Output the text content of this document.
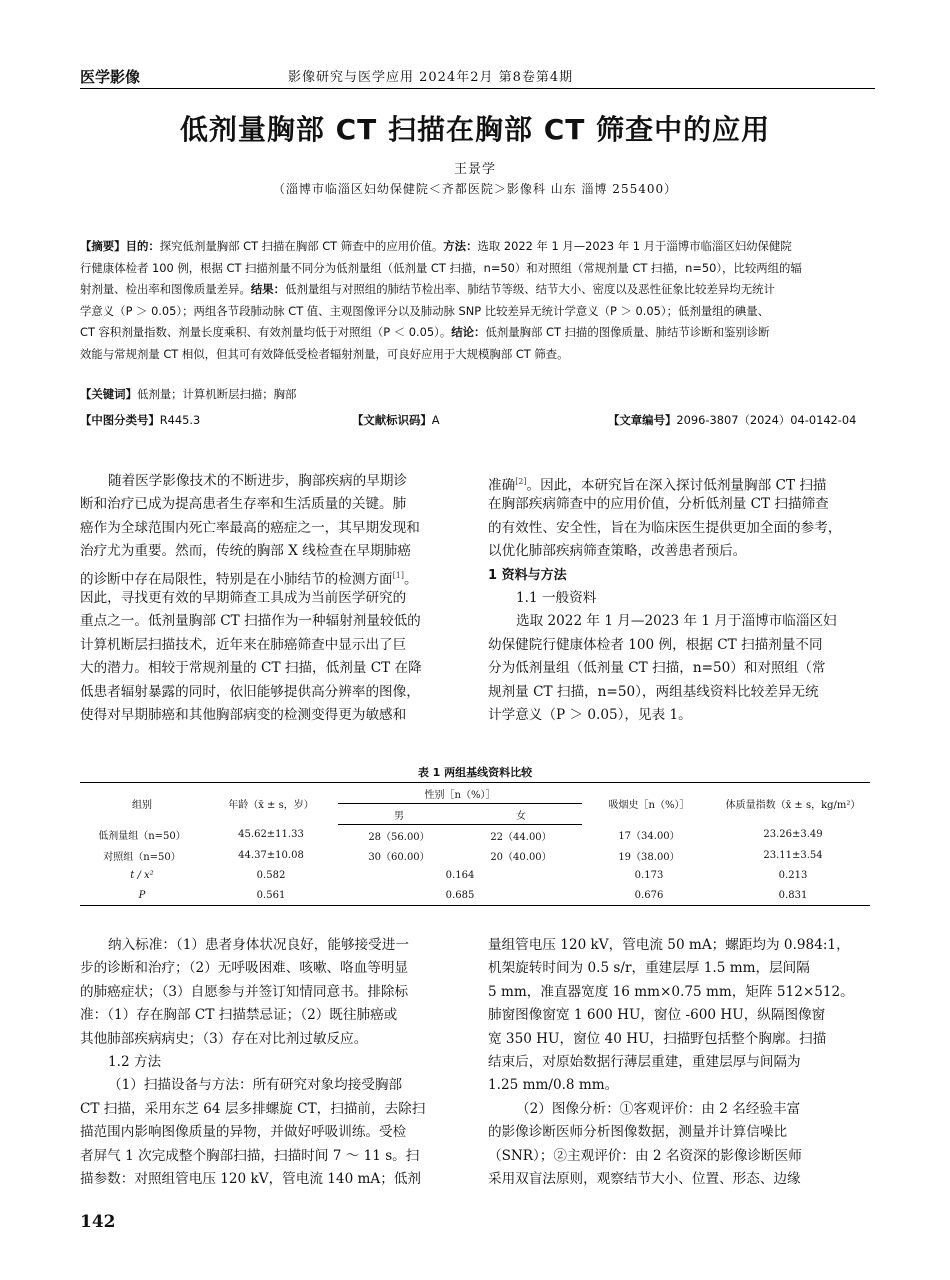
医学影像	影像研究与医学应用 2024年2月 第8卷第4期
低剂量胸部 CT 扫描在胸部 CT 筛查中的应用
王景学
（淄博市临淄区妇幼保健院＜齐都医院＞影像科 山东 淄博 255400）
【摘要】目的：探究低剂量胸部 CT 扫描在胸部 CT 筛查中的应用价值。方法：选取 2022 年 1 月—2023 年 1 月于淄博市临淄区妇幼保健院
行健康体检者 100 例，根据 CT 扫描剂量不同分为低剂量组（低剂量 CT 扫描，n=50）和对照组（常规剂量 CT 扫描，n=50），比较两组的辐
射剂量、检出率和图像质量差异。结果：低剂量组与对照组的肺结节检出率、肺结节等级、结节大小、密度以及恶性征象比较差异均无统计
学意义（P ＞ 0.05）；两组各节段肺动脉 CT 值、主观图像评分以及肺动脉 SNP 比较差异无统计学意义（P ＞ 0.05）；低剂量组的碘量、
CT 容积剂量指数、剂量长度乘积、有效剂量均低于对照组（P ＜ 0.05）。结论：低剂量胸部 CT 扫描的图像质量、肺结节诊断和鉴别诊断
效能与常规剂量 CT 相似，但其可有效降低受检者辐射剂量，可良好应用于大规模胸部 CT 筛查。
【关键词】低剂量；计算机断层扫描；胸部
【中图分类号】R445.3	【文献标识码】A	【文章编号】2096-3807（2024）04-0142-04
随着医学影像技术的不断进步，胸部疾病的早期诊
断和治疗已成为提高患者生存率和生活质量的关键。肺
癌作为全球范围内死亡率最高的癌症之一，其早期发现和
治疗尤为重要。然而，传统的胸部 X 线检查在早期肺癌
的诊断中存在局限性，特别是在小肺结节的检测方面[1]。
因此，寻找更有效的早期筛查工具成为当前医学研究的
重点之一。低剂量胸部 CT 扫描作为一种辐射剂量较低的
计算机断层扫描技术，近年来在肺癌筛查中显示出了巨
大的潜力。相较于常规剂量的 CT 扫描，低剂量 CT 在降
低患者辐射暴露的同时，依旧能够提供高分辨率的图像，
使得对早期肺癌和其他胸部病变的检测变得更为敏感和
准确[2]。因此，本研究旨在深入探讨低剂量胸部 CT 扫描
在胸部疾病筛查中的应用价值，分析低剂量 CT 扫描筛查
的有效性、安全性，旨在为临床医生提供更加全面的参考，
以优化肺部疾病筛查策略，改善患者预后。
1 资料与方法
1.1 一般资料
选取 2022 年 1 月—2023 年 1 月于淄博市临淄区妇
幼保健院行健康体检者 100 例，根据 CT 扫描剂量不同
分为低剂量组（低剂量 CT 扫描，n=50）和对照组（常
规剂量 CT 扫描，n=50），两组基线资料比较差异无统
计学意义（P ＞ 0.05），见表 1。
表 1 两组基线资料比较
组别	年龄（x̄ ± s，岁）	性别［n（%）］		吸烟史［n（%）］	体质量指数（x̄ ± s，kg/m²）
		男	女		
低剂量组（n=50）	45.62±11.33	28（56.00）	22（44.00）	17（34.00）	23.26±3.49
对照组（n=50）	44.37±10.08	30（60.00）	20（40.00）	19（38.00）	23.11±3.54
t / x²	0.582	0.164		0.173	0.213
P	0.561	0.685		0.676	0.831
纳入标准：（1）患者身体状况良好，能够接受进一
步的诊断和治疗；（2）无呼吸困难、咳嗽、咯血等明显
的肺癌症状；（3）自愿参与并签订知情同意书。排除标
准：（1）存在胸部 CT 扫描禁忌证；（2）既往肺癌或
其他肺部疾病病史；（3）存在对比剂过敏反应。
1.2 方法
（1）扫描设备与方法：所有研究对象均接受胸部
CT 扫描，采用东芝 64 层多排螺旋 CT，扫描前，去除扫
描范围内影响图像质量的异物，并做好呼吸训练。受检
者屏气 1 次完成整个胸部扫描，扫描时间 7 ～ 11 s。扫
描参数：对照组管电压 120 kV，管电流 140 mA；低剂
量组管电压 120 kV，管电流 50 mA；螺距均为 0.984:1，
机架旋转时间为 0.5 s/r，重建层厚 1.5 mm，层间隔
5 mm，准直器宽度 16 mm×0.75 mm，矩阵 512×512。
肺窗图像窗宽 1 600 HU，窗位 -600 HU，纵隔图像窗
宽 350 HU，窗位 40 HU，扫描野包括整个胸廓。扫描
结束后，对原始数据行薄层重建，重建层厚与间隔为
1.25 mm/0.8 mm。
（2）图像分析：①客观评价：由 2 名经验丰富
的影像诊断医师分析图像数据，测量并计算信噪比
（SNR）；②主观评价：由 2 名资深的影像诊断医师
采用双盲法原则，观察结节大小、位置、形态、边缘
142
